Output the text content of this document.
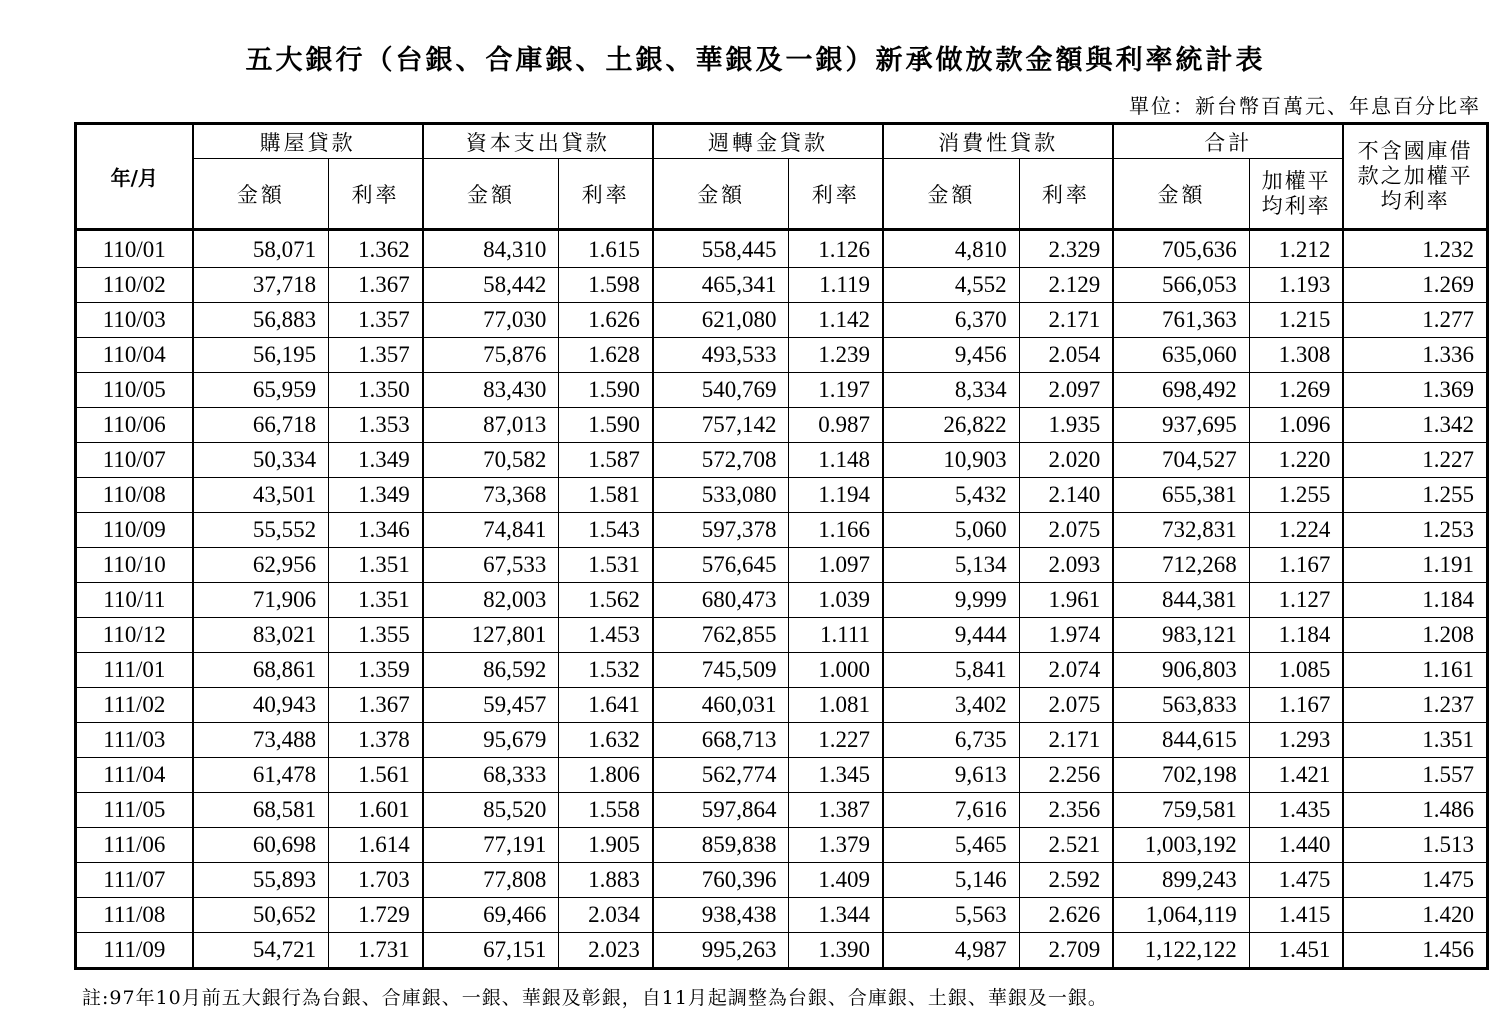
五大銀行（台銀、合庫銀、土銀、華銀及一銀）新承做放款金額與利率統計表
單位：新台幣百萬元、年息百分比率
年/月	購屋貸款		資本支出貸款		週轉金貸款		消費性貸款		合計		不含國庫借
款之加權平
均利率

	金額	利率	金額	利率	金額	利率	金額	利率	金額	加權平
均利率	

110/01	58,071	1.362	84,310	1.615	558,445	1.126	4,810	2.329	705,636	1.212	1.232
110/02	37,718	1.367	58,442	1.598	465,341	1.119	4,552	2.129	566,053	1.193	1.269
110/03	56,883	1.357	77,030	1.626	621,080	1.142	6,370	2.171	761,363	1.215	1.277
110/04	56,195	1.357	75,876	1.628	493,533	1.239	9,456	2.054	635,060	1.308	1.336
110/05	65,959	1.350	83,430	1.590	540,769	1.197	8,334	2.097	698,492	1.269	1.369
110/06	66,718	1.353	87,013	1.590	757,142	0.987	26,822	1.935	937,695	1.096	1.342
110/07	50,334	1.349	70,582	1.587	572,708	1.148	10,903	2.020	704,527	1.220	1.227
110/08	43,501	1.349	73,368	1.581	533,080	1.194	5,432	2.140	655,381	1.255	1.255
110/09	55,552	1.346	74,841	1.543	597,378	1.166	5,060	2.075	732,831	1.224	1.253
110/10	62,956	1.351	67,533	1.531	576,645	1.097	5,134	2.093	712,268	1.167	1.191
110/11	71,906	1.351	82,003	1.562	680,473	1.039	9,999	1.961	844,381	1.127	1.184
110/12	83,021	1.355	127,801	1.453	762,855	1.111	9,444	1.974	983,121	1.184	1.208
111/01	68,861	1.359	86,592	1.532	745,509	1.000	5,841	2.074	906,803	1.085	1.161
111/02	40,943	1.367	59,457	1.641	460,031	1.081	3,402	2.075	563,833	1.167	1.237
111/03	73,488	1.378	95,679	1.632	668,713	1.227	6,735	2.171	844,615	1.293	1.351
111/04	61,478	1.561	68,333	1.806	562,774	1.345	9,613	2.256	702,198	1.421	1.557
111/05	68,581	1.601	85,520	1.558	597,864	1.387	7,616	2.356	759,581	1.435	1.486
111/06	60,698	1.614	77,191	1.905	859,838	1.379	5,465	2.521	1,003,192	1.440	1.513
111/07	55,893	1.703	77,808	1.883	760,396	1.409	5,146	2.592	899,243	1.475	1.475
111/08	50,652	1.729	69,466	2.034	938,438	1.344	5,563	2.626	1,064,119	1.415	1.420
111/09	54,721	1.731	67,151	2.023	995,263	1.390	4,987	2.709	1,122,122	1.451	1.456
註:97年10月前五大銀行為台銀、合庫銀、一銀、華銀及彰銀，自11月起調整為台銀、合庫銀、土銀、華銀及一銀。
